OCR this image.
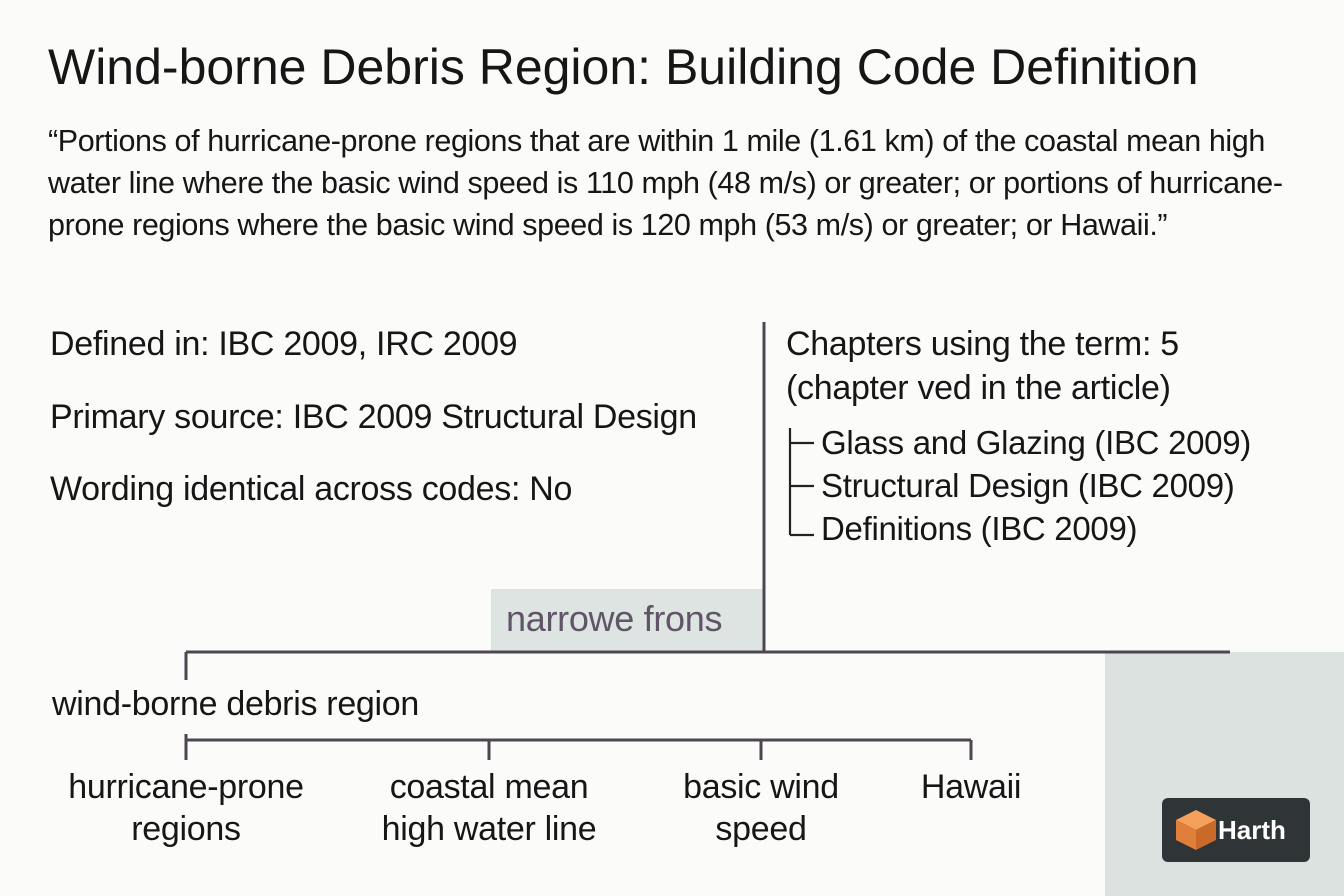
Wind-borne Debris Region: Building Code Definition

“Portions of hurricane-prone regions that are within 1 mile (1.61 km) of the coastal mean high water line where the basic wind speed is 110 mph (48 m/s) or greater; or portions of hurricane-prone regions where the basic wind speed is 120 mph (53 m/s) or greater; or Hawaii.”

Defined in: IBC 2009, IRC 2009
Primary source: IBC 2009 Structural Design
Wording identical across codes: No
Chapters using the term: 5
(chapter ved in the article)
Glass and Glazing (IBC 2009)
Structural Design (IBC 2009)
Definitions (IBC 2009)
narrowe frons
wind-borne debris region
hurricane-prone
regions
coastal mean
high water line
basic wind
speed
Hawaii
Harth
